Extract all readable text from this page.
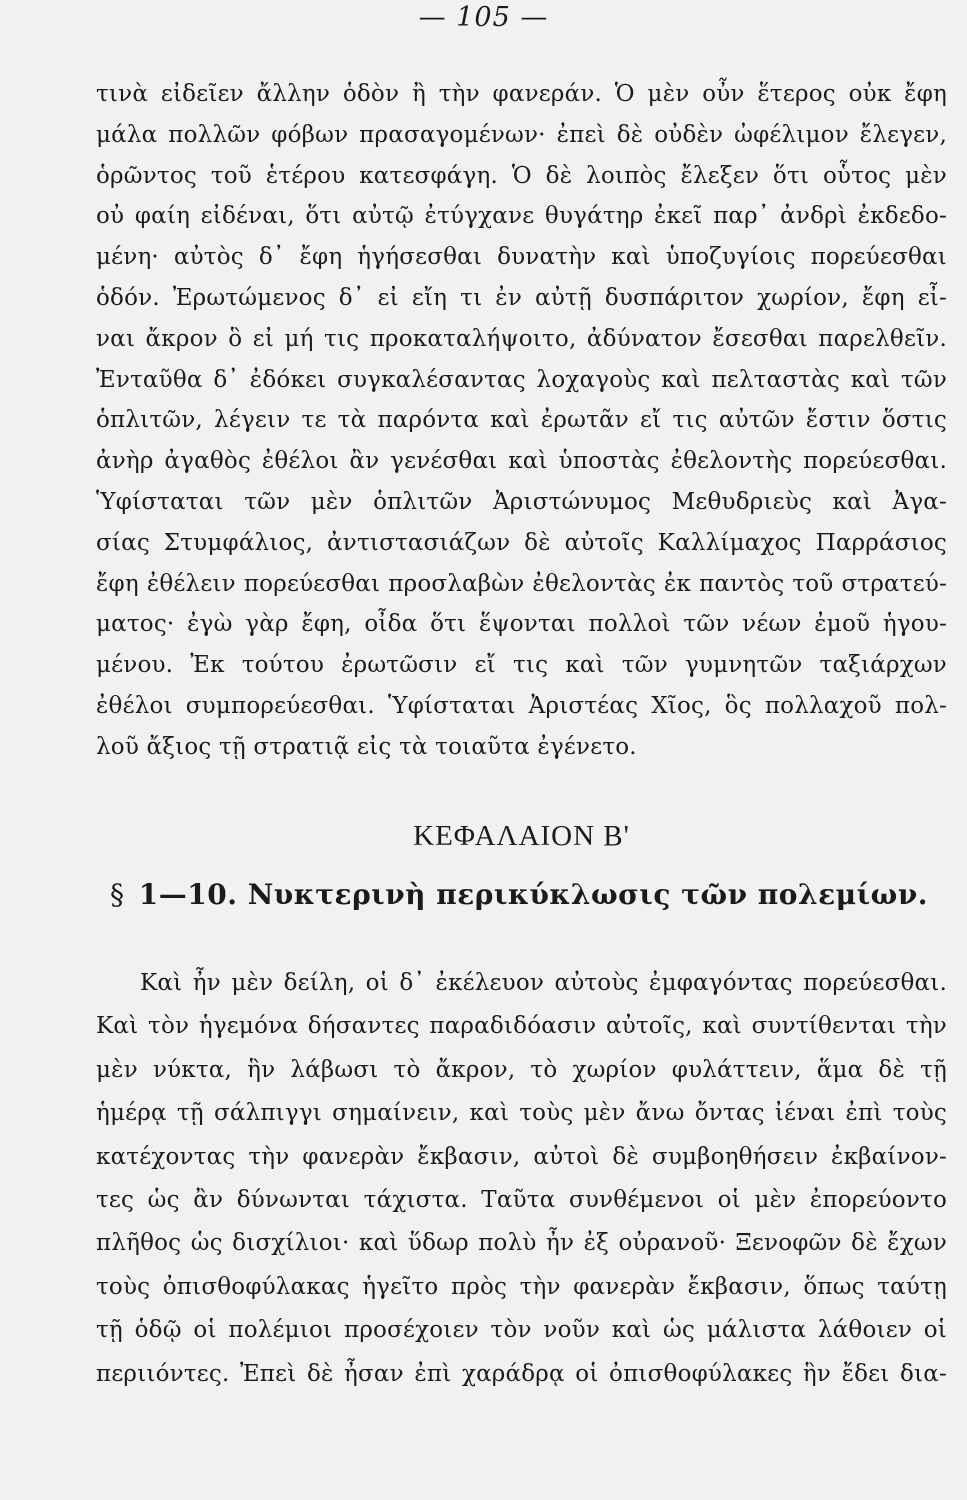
— 105 —
τινὰ εἰδεῖεν ἄλλην ὁδὸν ἢ τὴν φανεράν. Ὁ μὲν οὖν ἕτερος οὐκ ἔφη
μάλα πολλῶν φόβων πρασαγομένων· ἐπεὶ δὲ οὐδὲν ὠφέλιμον ἔλεγεν,
ὁρῶντος τοῦ ἑτέρου κατεσφάγη. Ὁ δὲ λοιπὸς ἔλεξεν ὅτι οὗτος μὲν
οὐ φαίη εἰδέναι, ὅτι αὐτῷ ἐτύγχανε θυγάτηρ ἐκεῖ παρ᾽ ἀνδρὶ ἐκδεδο-
μένη· αὐτὸς δ᾽ ἔφη ἡγήσεσθαι δυνατὴν καὶ ὑποζυγίοις πορεύεσθαι
ὁδόν. Ἐρωτώμενος δ᾽ εἰ εἴη τι ἐν αὐτῇ δυσπάριτον χωρίον, ἔφη εἶ-
ναι ἄκρον ὃ εἰ μή τις προκαταλήψοιτο, ἀδύνατον ἔσεσθαι παρελθεῖν.
Ἐνταῦθα δ᾽ ἐδόκει συγκαλέσαντας λοχαγοὺς καὶ πελταστὰς καὶ τῶν
ὁπλιτῶν, λέγειν τε τὰ παρόντα καὶ ἐρωτᾶν εἴ τις αὐτῶν ἔστιν ὅστις
ἀνὴρ ἀγαθὸς ἐθέλοι ἂν γενέσθαι καὶ ὑποστὰς ἐθελοντὴς πορεύεσθαι.
Ὑφίσταται τῶν μὲν ὁπλιτῶν Ἀριστώνυμος Μεθυδριεὺς καὶ Ἀγα-
σίας Στυμφάλιος, ἀντιστασιάζων δὲ αὐτοῖς Καλλίμαχος Παρράσιος
ἔφη ἐθέλειν πορεύεσθαι προσλαβὼν ἐθελοντὰς ἐκ παντὸς τοῦ στρατεύ-
ματος· ἐγὼ γὰρ ἔφη, οἶδα ὅτι ἕψονται πολλοὶ τῶν νέων ἐμοῦ ἡγου-
μένου. Ἐκ τούτου ἐρωτῶσιν εἴ τις καὶ τῶν γυμνητῶν ταξιάρχων
ἐθέλοι συμπορεύεσθαι. Ὑφίσταται Ἀριστέας Χῖος, ὃς πολλαχοῦ πολ-
λοῦ ἄξιος τῇ στρατιᾷ εἰς τὰ τοιαῦτα ἐγένετο.
ΚΕΦΑΛΑΙΟΝ Β'
§ 1—10. Νυκτερινὴ περικύκλωσις τῶν πολεμίων.
Καὶ ἦν μὲν δείλη, οἱ δ᾽ ἐκέλευον αὐτοὺς ἐμφαγόντας πορεύεσθαι.
Καὶ τὸν ἡγεμόνα δήσαντες παραδιδόασιν αὐτοῖς, καὶ συντίθενται τὴν
μὲν νύκτα, ἣν λάβωσι τὸ ἄκρον, τὸ χωρίον φυλάττειν, ἅμα δὲ τῇ
ἡμέρᾳ τῇ σάλπιγγι σημαίνειν, καὶ τοὺς μὲν ἄνω ὄντας ἰέναι ἐπὶ τοὺς
κατέχοντας τὴν φανερὰν ἔκβασιν, αὐτοὶ δὲ συμβοηθήσειν ἐκβαίνον-
τες ὡς ἂν δύνωνται τάχιστα. Ταῦτα συνθέμενοι οἱ μὲν ἐπορεύοντο
πλῆθος ὡς δισχίλιοι· καὶ ὕδωρ πολὺ ἦν ἐξ οὐρανοῦ· Ξενοφῶν δὲ ἔχων
τοὺς ὀπισθοφύλακας ἡγεῖτο πρὸς τὴν φανερὰν ἔκβασιν, ὅπως ταύτῃ
τῇ ὁδῷ οἱ πολέμιοι προσέχοιεν τὸν νοῦν καὶ ὡς μάλιστα λάθοιεν οἱ
περιιόντες. Ἐπεὶ δὲ ἦσαν ἐπὶ χαράδρᾳ οἱ ὀπισθοφύλακες ἣν ἔδει δια-
